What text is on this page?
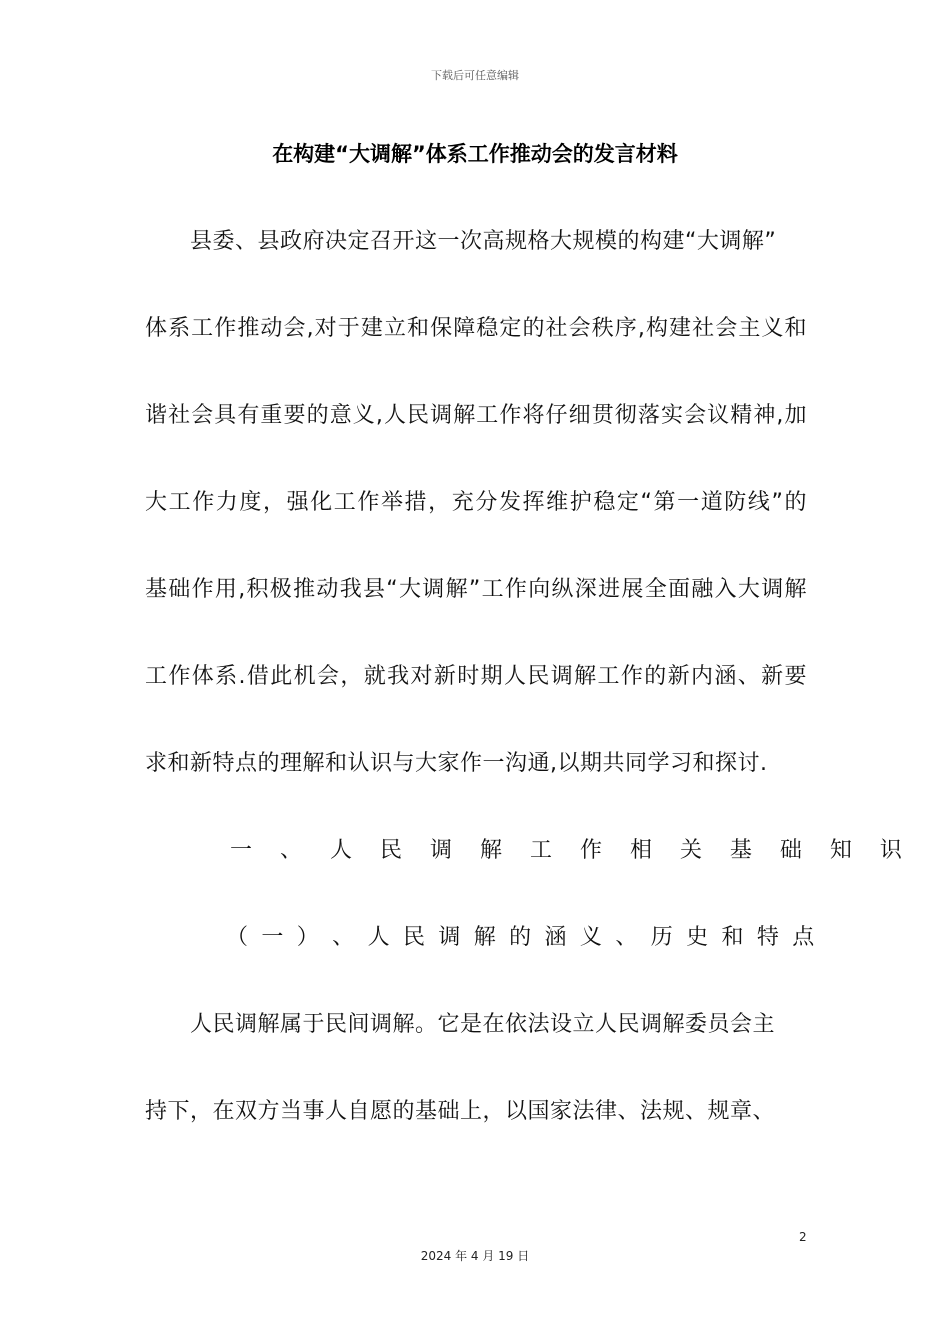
下载后可任意编辑
在构建“大调解”体系工作推动会的发言材料
县委、县政府决定召开这一次高规格大规模的构建“大调解”
体系工作推动会,对于建立和保障稳定的社会秩序,构建社会主义和
谐社会具有重要的意义,人民调解工作将仔细贯彻落实会议精神,加
大工作力度，强化工作举措，充分发挥维护稳定“第一道防线”的
基础作用,积极推动我县“大调解”工作向纵深进展全面融入大调解
工作体系.借此机会，就我对新时期人民调解工作的新内涵、新要
求和新特点的理解和认识与大家作一沟通,以期共同学习和探讨.
一 、 人 民 调 解 工 作 相 关 基 础 知 识
（ 一 ） 、 人 民 调 解 的 涵 义 、 历 史 和 特 点
人民调解属于民间调解。它是在依法设立人民调解委员会主
持下，在双方当事人自愿的基础上，以国家法律、法规、规章、
2
2024 年 4 月 19 日
